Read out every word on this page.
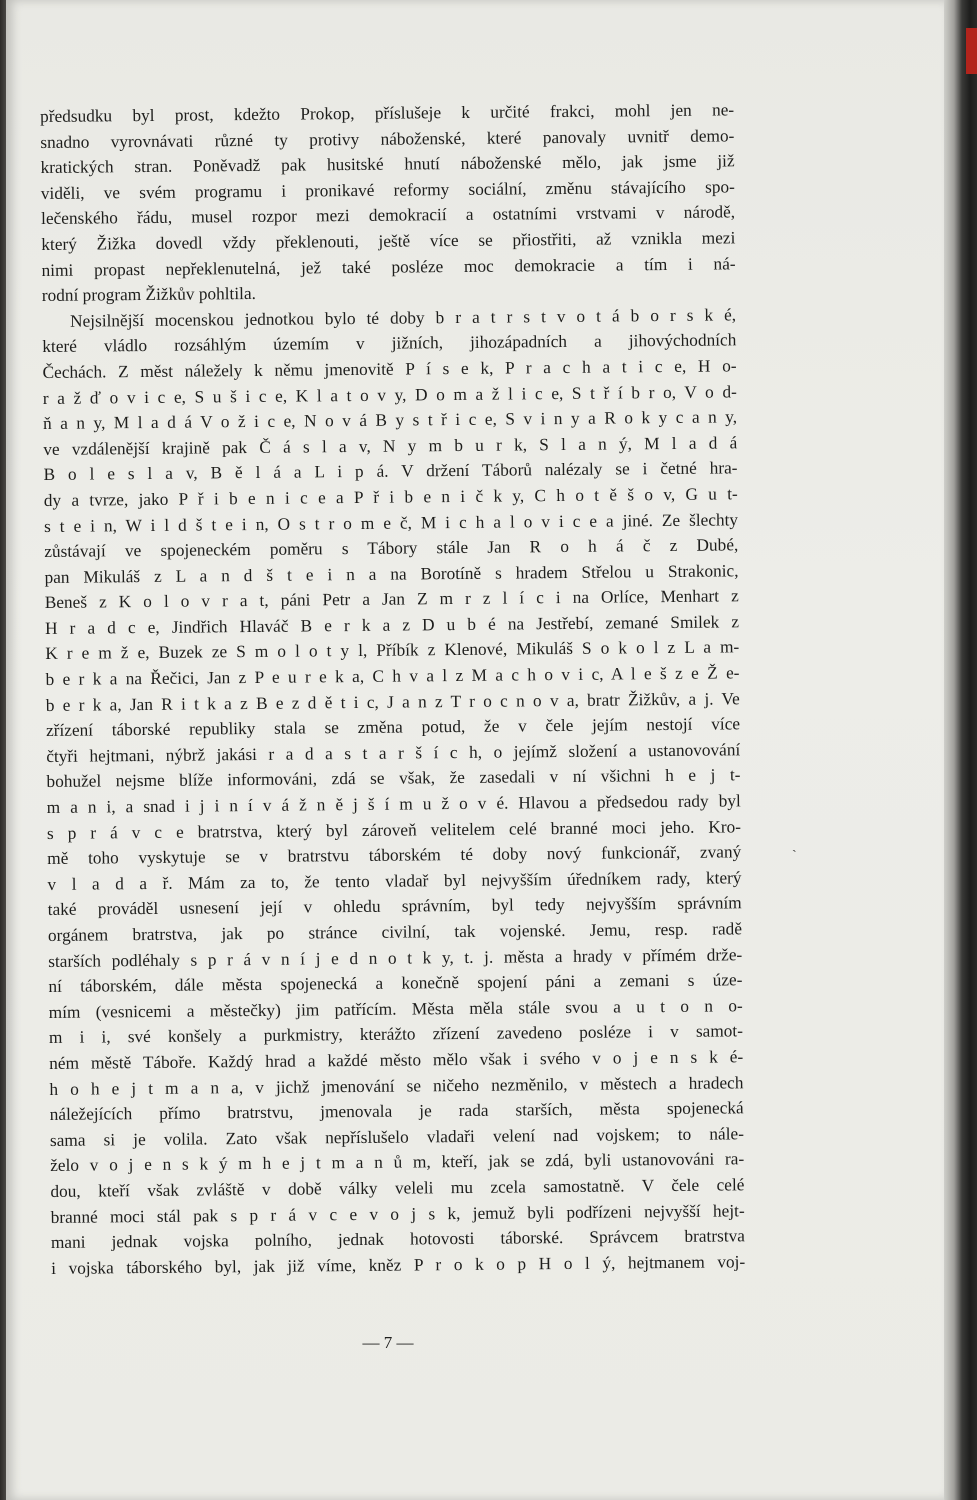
předsudku byl prost, kdežto Prokop, příslušeje k určité frakci, mohl jen ne-
snadno vyrovnávati různé ty protivy náboženské, které panovaly uvnitř demo-
kratických stran. Poněvadž pak husitské hnutí náboženské mělo, jak jsme již
viděli, ve svém programu i pronikavé reformy sociální, změnu stávajícího spo-
lečenského řádu, musel rozpor mezi demokracií a ostatními vrstvami v národě,
který Žižka dovedl vždy překlenouti, ještě více se přiostřiti, až vznikla mezi
nimi propast nepřeklenutelná, jež také posléze moc demokracie a tím i ná-
rodní program Žižkův pohltila.
Nejsilnější mocenskou jednotkou bylo té doby b r a t r s t v o t á b o r s k é,
které vládlo rozsáhlým územím v jižních, jihozápadních a jihovýchodních
Čechách. Z měst náležely k němu jmenovitě P í s e k, P r a c h a t i c e, H o-
r a ž ď o v i c e, S u š i c e, K l a t o v y, D o m a ž l i c e, S t ř í b r o, V o d-
ň a n y, M l a d á V o ž i c e, N o v á B y s t ř i c e, S v i n y a R o k y c a n y,
ve vzdálenější krajině pak Č á s l a v, N y m b u r k, S l a n ý, M l a d á
B o l e s l a v, B ě l á a L i p á. V držení Táborů nalézaly se i četné hra-
dy a tvrze, jako P ř i b e n i c e a P ř i b e n i č k y, C h o t ě š o v, G u t-
s t e i n, W i l d š t e i n, O s t r o m e č, M i c h a l o v i c e a jiné. Ze šlechty
zůstávají ve spojeneckém poměru s Tábory stále Jan R o h á č z Dubé,
pan Mikuláš z L a n d š t e i n a na Borotíně s hradem Střelou u Strakonic,
Beneš z K o l o v r a t, páni Petr a Jan Z m r z l í c i na Orlíce, Menhart z
H r a d c e, Jindřich Hlaváč B e r k a z D u b é na Jestřebí, zemané Smilek z
K r e m ž e, Buzek ze S m o l o t y l, Příbík z Klenové, Mikuláš S o k o l z L a m-
b e r k a na Řečici, Jan z P e u r e k a, C h v a l z M a c h o v i c, A l e š z e Ž e-
b e r k a, Jan R i t k a z B e z d ě t i c, J a n z T r o c n o v a, bratr Žižkův, a j. Ve
zřízení táborské republiky stala se změna potud, že v čele jejím nestojí více
čtyři hejtmani, nýbrž jakási r a d a s t a r š í c h, o jejímž složení a ustanovování
bohužel nejsme blíže informováni, zdá se však, že zasedali v ní všichni h e j t-
m a n i, a snad i j i n í v á ž n ě j š í m u ž o v é. Hlavou a předsedou rady byl
s p r á v c e bratrstva, který byl zároveň velitelem celé branné moci jeho. Kro-
mě toho vyskytuje se v bratrstvu táborském té doby nový funkcionář, zvaný
v l a d a ř. Mám za to, že tento vladař byl nejvyšším úředníkem rady, který
také prováděl usnesení její v ohledu správním, byl tedy nejvyšším správním
orgánem bratrstva, jak po stránce civilní, tak vojenské. Jemu, resp. radě
starších podléhaly s p r á v n í j e d n o t k y, t. j. města a hrady v přímém drže-
ní táborském, dále města spojenecká a konečně spojení páni a zemani s úze-
mím (vesnicemi a městečky) jim patřícím. Města měla stále svou a u t o n o-
m i i, své konšely a purkmistry, kterážto zřízení zavedeno posléze i v samot-
ném městě Táboře. Každý hrad a každé město mělo však i svého v o j e n s k é-
h o h e j t m a n a, v jichž jmenování se ničeho nezměnilo, v městech a hradech
náležejících přímo bratrstvu, jmenovala je rada starších, města spojenecká
sama si je volila. Zato však nepříslušelo vladaři velení nad vojskem; to nále-
želo v o j e n s k ý m h e j t m a n ů m, kteří, jak se zdá, byli ustanovováni ra-
dou, kteří však zvláště v době války veleli mu zcela samostatně. V čele celé
branné moci stál pak s p r á v c e v o j s k, jemuž byli podřízeni nejvyšší hejt-
mani jednak vojska polního, jednak hotovosti táborské. Správcem bratrstva
i vojska táborského byl, jak již víme, kněz P r o k o p H o l ý, hejtmanem voj-
— 7 —
ˎ
